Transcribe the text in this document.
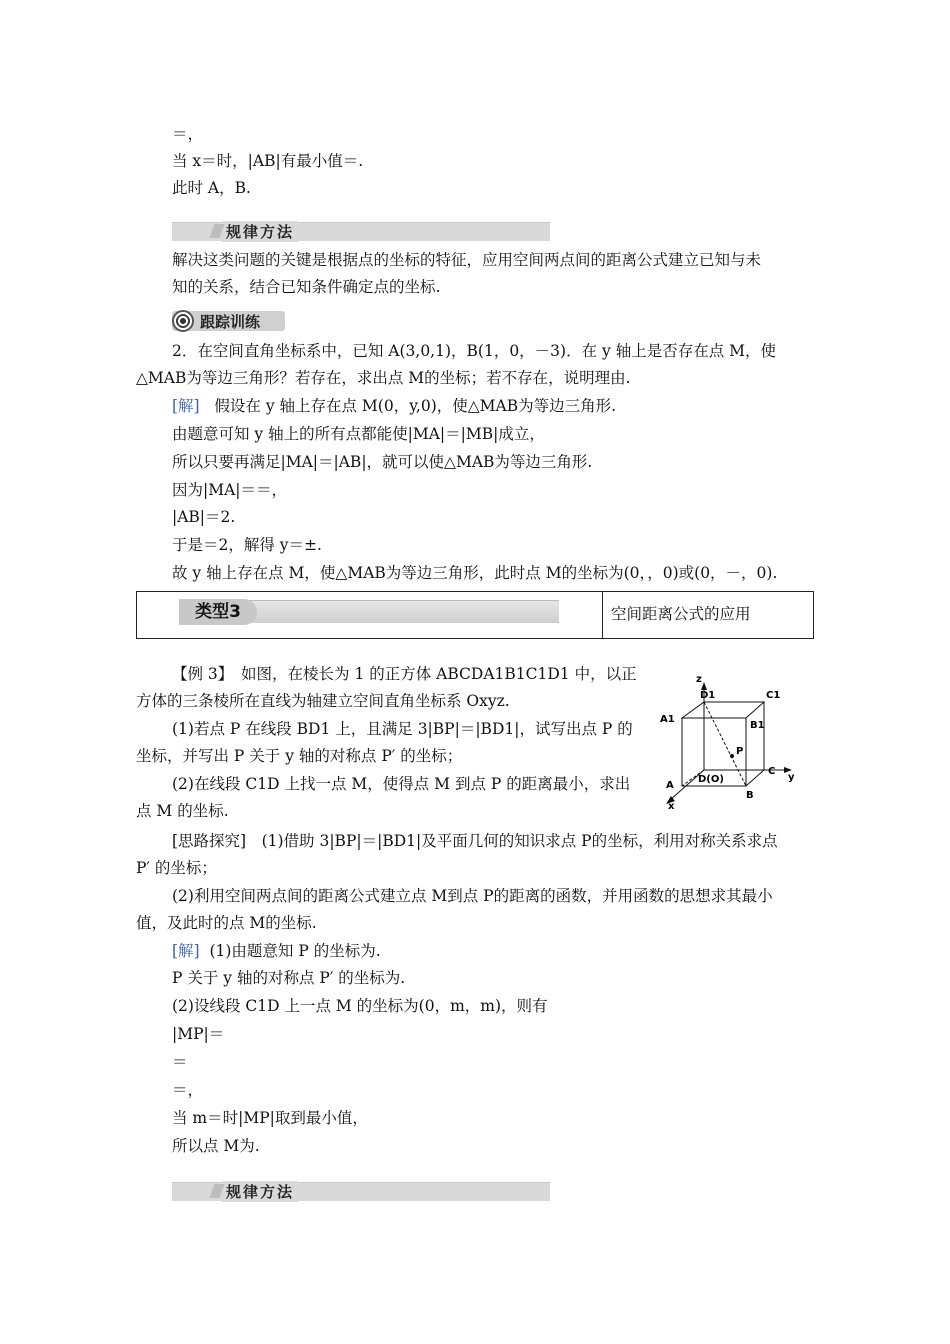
＝，
当 x＝时，|AB|有最小值＝.
此时 A，B.
规律方法
解决这类问题的关键是根据点的坐标的特征，应用空间两点间的距离公式建立已知与未
知的关系，结合已知条件确定点的坐标.
跟踪训练
2．在空间直角坐标系中，已知 A(3,0,1)，B(1，0，－3)．在 y 轴上是否存在点 M，使
△MAB为等边三角形？若存在，求出点 M的坐标；若不存在，说明理由.
[解] 假设在 y 轴上存在点 M(0，y,0)，使△MAB为等边三角形.
由题意可知 y 轴上的所有点都能使|MA|＝|MB|成立，
所以只要再满足|MA|＝|AB|，就可以使△MAB为等边三角形.
因为|MA|＝＝，
|AB|＝2.
于是＝2，解得 y＝±.
故 y 轴上存在点 M，使△MAB为等边三角形，此时点 M的坐标为(0，，0)或(0，－，0).
类型3	空间距离公式的应用
【例 3】　如图，在棱长为 1 的正方体 ABCDA1B1C1D1 中，以正
方体的三条棱所在直线为轴建立空间直角坐标系 Oxyz.
(1)若点 P 在线段 BD1 上，且满足 3|BP|＝|BD1|，试写出点 P 的
坐标，并写出 P 关于 y 轴的对称点 P′ 的坐标；
(2)在线段 C1D 上找一点 M，使得点 M 到点 P 的距离最小，求出
点 M 的坐标.
z
D1	C1
A1
B1
P
D(O)
C
y
A
B
x
[思路探究]　(1)借助 3|BP|＝|BD1|及平面几何的知识求点 P的坐标，利用对称关系求点
P′ 的坐标；
(2)利用空间两点间的距离公式建立点 M到点 P的距离的函数，并用函数的思想求其最小
值，及此时的点 M的坐标.
[解] (1)由题意知 P 的坐标为.
P 关于 y 轴的对称点 P′ 的坐标为.
(2)设线段 C1D 上一点 M 的坐标为(0，m，m)，则有
|MP|＝
＝
＝，
当 m＝时|MP|取到最小值，
所以点 M为.
规律方法
